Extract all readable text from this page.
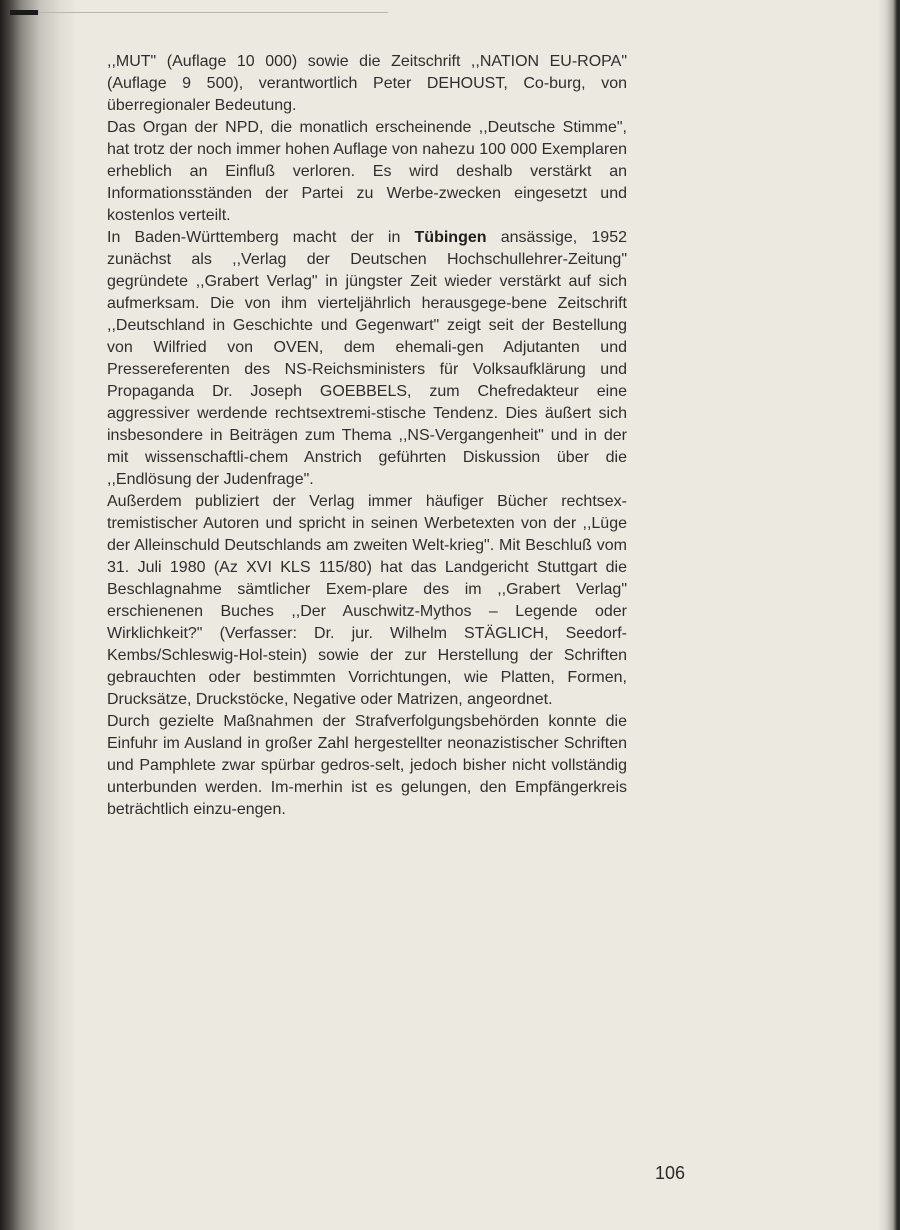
,,MUT" (Auflage 10 000) sowie die Zeitschrift ,,NATION EU-ROPA" (Auflage 9 500), verantwortlich Peter DEHOUST, Co-burg, von überregionaler Bedeutung.

Das Organ der NPD, die monatlich erscheinende ,,Deutsche Stimme", hat trotz der noch immer hohen Auflage von nahezu 100 000 Exemplaren erheblich an Einfluß verloren. Es wird deshalb verstärkt an Informationsständen der Partei zu Werbe-zwecken eingesetzt und kostenlos verteilt.

In Baden-Württemberg macht der in Tübingen ansässige, 1952 zunächst als ,,Verlag der Deutschen Hochschullehrer-Zeitung" gegründete ,,Grabert Verlag" in jüngster Zeit wieder verstärkt auf sich aufmerksam. Die von ihm vierteljährlich herausgege-bene Zeitschrift ,,Deutschland in Geschichte und Gegenwart" zeigt seit der Bestellung von Wilfried von OVEN, dem ehemali-gen Adjutanten und Pressereferenten des NS-Reichsministers für Volksaufklärung und Propaganda Dr. Joseph GOEBBELS, zum Chefredakteur eine aggressiver werdende rechtsextremi-stische Tendenz. Dies äußert sich insbesondere in Beiträgen zum Thema ,,NS-Vergangenheit" und in der mit wissenschaftli-chem Anstrich geführten Diskussion über die ,,Endlösung der Judenfrage".

Außerdem publiziert der Verlag immer häufiger Bücher rechtsex-tremistischer Autoren und spricht in seinen Werbetexten von der ,,Lüge der Alleinschuld Deutschlands am zweiten Welt-krieg". Mit Beschluß vom 31. Juli 1980 (Az XVI KLS 115/80) hat das Landgericht Stuttgart die Beschlagnahme sämtlicher Exem-plare des im ,,Grabert Verlag" erschienenen Buches ,,Der Auschwitz-Mythos – Legende oder Wirklichkeit?" (Verfasser: Dr. jur. Wilhelm STÄGLICH, Seedorf-Kembs/Schleswig-Hol-stein) sowie der zur Herstellung der Schriften gebrauchten oder bestimmten Vorrichtungen, wie Platten, Formen, Drucksätze, Druckstöcke, Negative oder Matrizen, angeordnet.

Durch gezielte Maßnahmen der Strafverfolgungsbehörden konnte die Einfuhr im Ausland in großer Zahl hergestellter neonazistischer Schriften und Pamphlete zwar spürbar gedros-selt, jedoch bisher nicht vollständig unterbunden werden. Im-merhin ist es gelungen, den Empfängerkreis beträchtlich einzu-engen.

106
